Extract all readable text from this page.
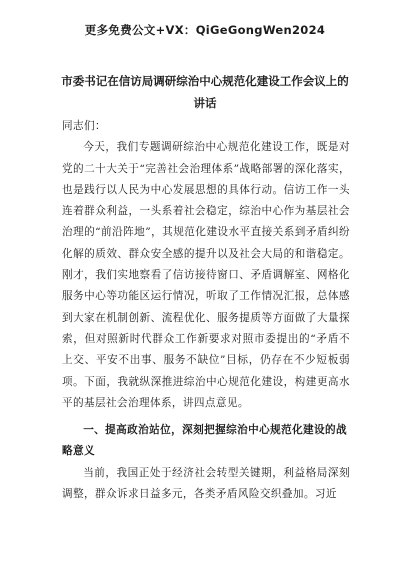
更多免费公文+VX：QiGeGongWen2024
市委书记在信访局调研综治中心规范化建设工作会议上的讲话

同志们：

今天，我们专题调研综治中心规范化建设工作，既是对党的二十大关于“完善社会治理体系”战略部署的深化落实，也是践行以人民为中心发展思想的具体行动。信访工作一头连着群众利益，一头系着社会稳定，综治中心作为基层社会治理的“前沿阵地”，其规范化建设水平直接关系到矛盾纠纷化解的质效、群众安全感的提升以及社会大局的和谐稳定。刚才，我们实地察看了信访接待窗口、矛盾调解室、网格化服务中心等功能区运行情况，听取了工作情况汇报，总体感到大家在机制创新、流程优化、服务提质等方面做了大量探索，但对照新时代群众工作新要求对照市委提出的“矛盾不上交、平安不出事、服务不缺位”目标，仍存在不少短板弱项。下面，我就纵深推进综治中心规范化建设，构建更高水平的基层社会治理体系，讲四点意见。

一、提高政治站位，深刻把握综治中心规范化建设的战略意义

当前，我国正处于经济社会转型关键期，利益格局深刻调整，群众诉求日益多元，各类矛盾风险交织叠加。习近
